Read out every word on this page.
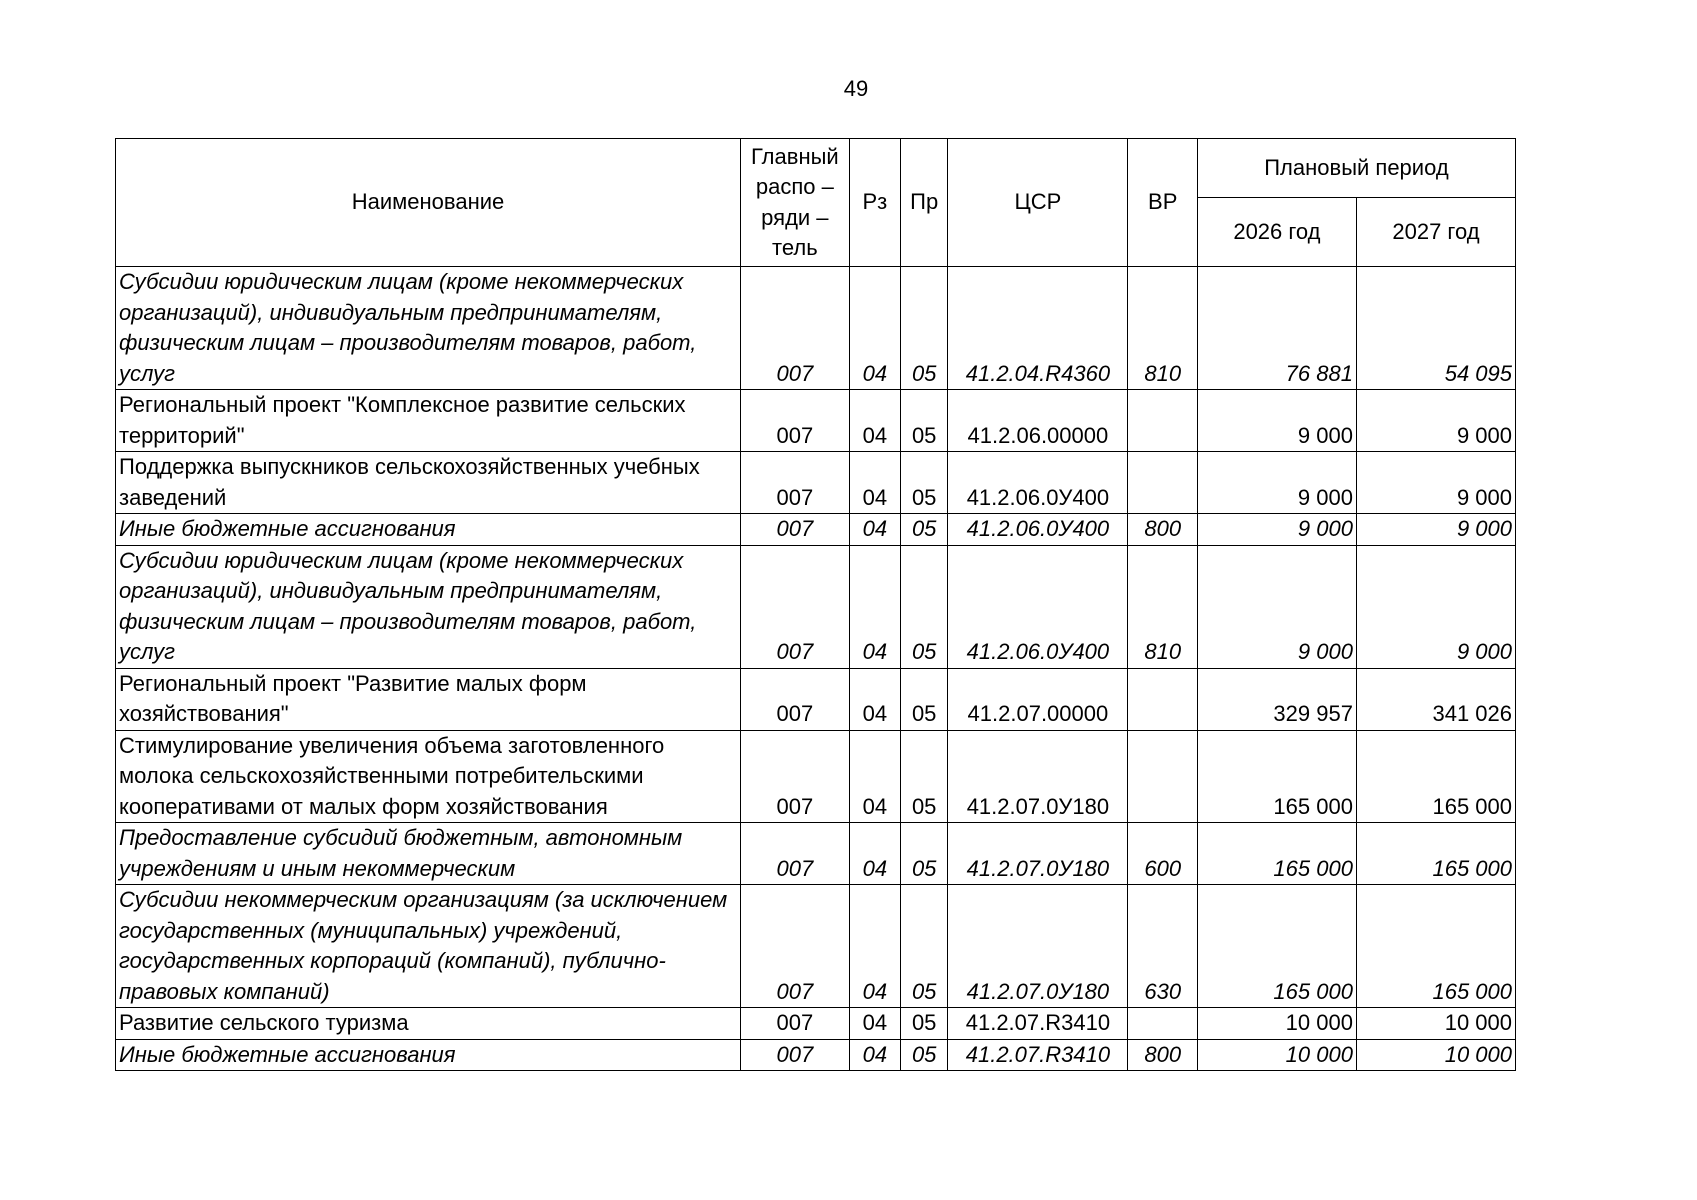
49
Наименование	Главный распо – ряди – тель	Рз	Пр	ЦСР	ВР	Плановый период	
						2026 год	2027 год
Субсидии юридическим лицам (кроме некоммерческих организаций), индивидуальным предпринимателям, физическим лицам – производителям товаров, работ, услуг	007	04	05	41.2.04.R4360	810	76 881	54 095
Региональный проект "Комплексное развитие сельских территорий"	007	04	05	41.2.06.00000		9 000	9 000
Поддержка выпускников сельскохозяйственных учебных заведений	007	04	05	41.2.06.0У400		9 000	9 000
Иные бюджетные ассигнования	007	04	05	41.2.06.0У400	800	9 000	9 000
Субсидии юридическим лицам (кроме некоммерческих организаций), индивидуальным предпринимателям, физическим лицам – производителям товаров, работ, услуг	007	04	05	41.2.06.0У400	810	9 000	9 000
Региональный проект "Развитие малых форм хозяйствования"	007	04	05	41.2.07.00000		329 957	341 026
Стимулирование увеличения объема заготовленного молока сельскохозяйственными потребительскими кооперативами от малых форм хозяйствования	007	04	05	41.2.07.0У180		165 000	165 000
Предоставление субсидий бюджетным, автономным учреждениям и иным некоммерческим	007	04	05	41.2.07.0У180	600	165 000	165 000
Субсидии некоммерческим организациям (за исключением государственных (муниципальных) учреждений, государственных корпораций (компаний), публично-правовых компаний)	007	04	05	41.2.07.0У180	630	165 000	165 000
Развитие сельского туризма	007	04	05	41.2.07.R3410		10 000	10 000
Иные бюджетные ассигнования	007	04	05	41.2.07.R3410	800	10 000	10 000
